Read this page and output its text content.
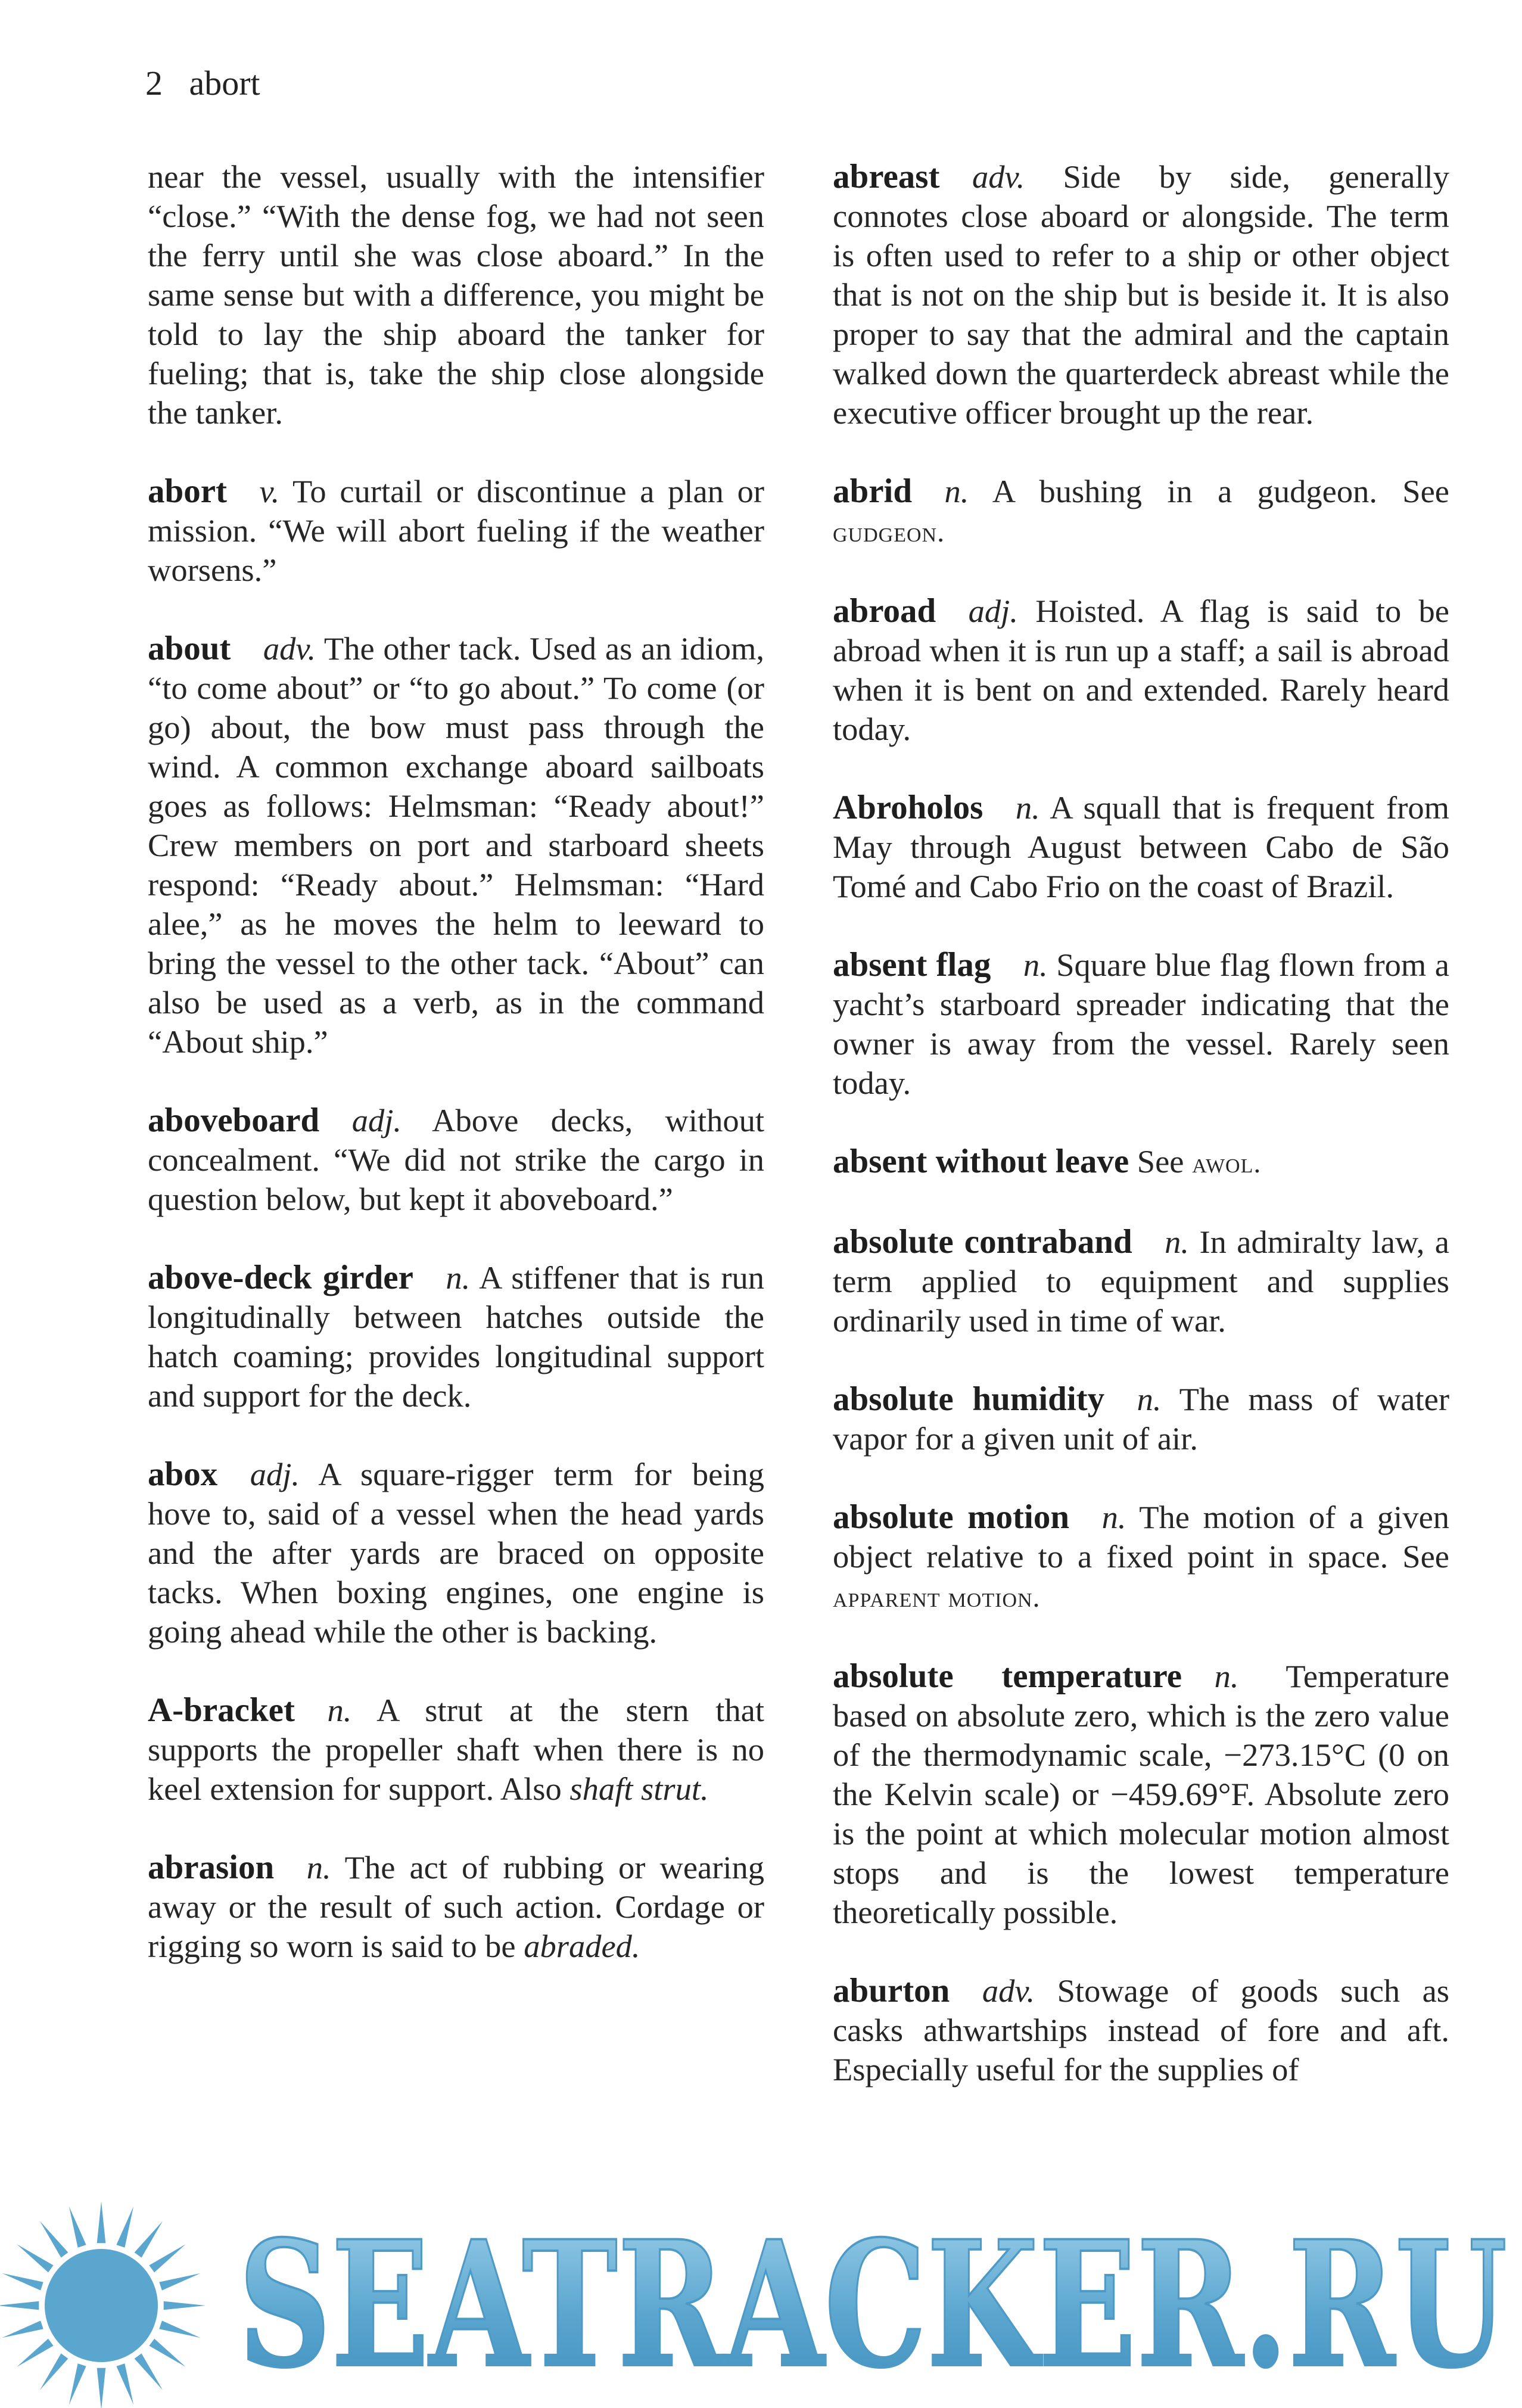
2 abort

near the vessel, usually with the intensifier “close.” “With the dense fog, we had not seen the ferry until she was close aboard.” In the same sense but with a difference, you might be told to lay the ship aboard the tanker for fueling; that is, take the ship close alongside the tanker.

abort  v. To curtail or discontinue a plan or mission. “We will abort fueling if the weather worsens.”

about  adv. The other tack. Used as an idiom, “to come about” or “to go about.” To come (or go) about, the bow must pass through the wind. A common exchange aboard sailboats goes as follows: Helmsman: “Ready about!” Crew members on port and starboard sheets respond: “Ready about.” Helmsman: “Hard alee,” as he moves the helm to leeward to bring the vessel to the other tack. “About” can also be used as a verb, as in the command “About ship.”

aboveboard  adj. Above decks, without concealment. “We did not strike the cargo in question below, but kept it aboveboard.”

above-deck girder  n. A stiffener that is run longitudinally between hatches outside the hatch coaming; provides longitudinal support and support for the deck.

abox  adj. A square-rigger term for being hove to, said of a vessel when the head yards and the after yards are braced on opposite tacks. When boxing engines, one engine is going ahead while the other is backing.

A-bracket  n. A strut at the stern that supports the propeller shaft when there is no keel extension for support. Also shaft strut.

abrasion  n. The act of rubbing or wearing away or the result of such action. Cordage or rigging so worn is said to be abraded.

abreast  adv. Side by side, generally connotes close aboard or alongside. The term is often used to refer to a ship or other object that is not on the ship but is beside it. It is also proper to say that the admiral and the captain walked down the quarterdeck abreast while the executive officer brought up the rear.

abrid  n. A bushing in a gudgeon. See gudgeon.

abroad  adj. Hoisted. A flag is said to be abroad when it is run up a staff; a sail is abroad when it is bent on and extended. Rarely heard today.

Abroholos  n. A squall that is frequent from May through August between Cabo de São Tomé and Cabo Frio on the coast of Brazil.

absent flag  n. Square blue flag flown from a yacht’s starboard spreader indicating that the owner is away from the vessel. Rarely seen today.

absent without leave See awol.

absolute contraband  n. In admiralty law, a term applied to equipment and supplies ordinarily used in time of war.

absolute humidity  n. The mass of water vapor for a given unit of air.

absolute motion  n. The motion of a given object relative to a fixed point in space. See apparent motion.

absolute temperature  n. Temperature based on absolute zero, which is the zero value of the thermodynamic scale, −273.15°C (0 on the Kelvin scale) or −459.69°F. Absolute zero is the point at which molecular motion almost stops and is the lowest temperature theoretically possible.

aburton  adv. Stowage of goods such as casks athwartships instead of fore and aft. Especially useful for the supplies of

SEATRACKER.RU
